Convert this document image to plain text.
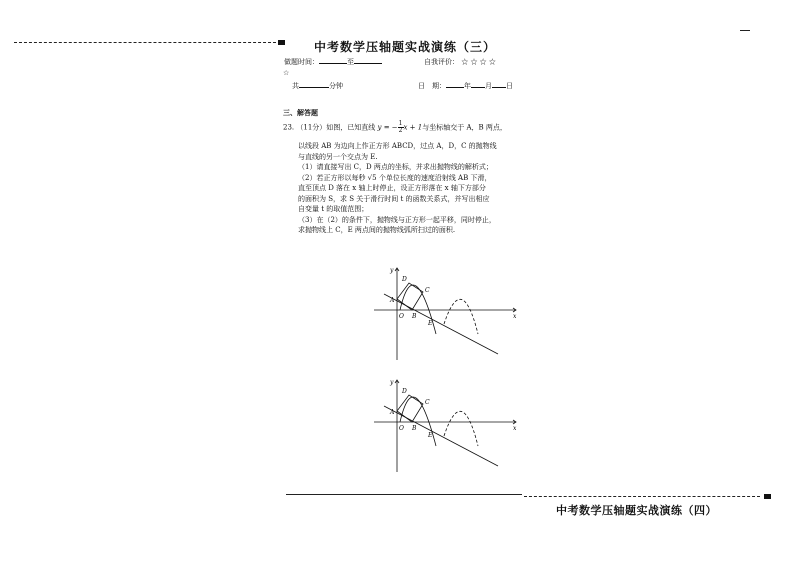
中考数学压轴题实战演练（三）
做题时间：	至	自我评价： ☆ ☆ ☆ ☆
☆
共	分钟	日　期：	年 月 日
三、解答题
23. （11分）如图，已知直线 y = − $\frac{1}{2}$ x + 1与坐标轴交于 A，B 两点，
以线段 AB 为边向上作正方形 ABCD，过点 A，D，C 的抛物线
与直线的另一个交点为 E.
（1）请直接写出 C，D 两点的坐标，并求出抛物线的解析式；
（2）若正方形以每秒 √5 个单位长度的速度沿射线 AB 下滑，
直至顶点 D 落在 x 轴上时停止，设正方形落在 x 轴下方部分
的面积为 S，求 S 关于滑行时间 t 的函数关系式，并写出相应
自变量 t 的取值范围；
（3）在（2）的条件下，抛物线与正方形一起平移，同时停止，
求抛物线上 C，E 两点间的抛物线弧所扫过的面积.
y
x
O
A
B
C
D
E
y
x
O
A
B
C
D
E
中考数学压轴题实战演练（四）
